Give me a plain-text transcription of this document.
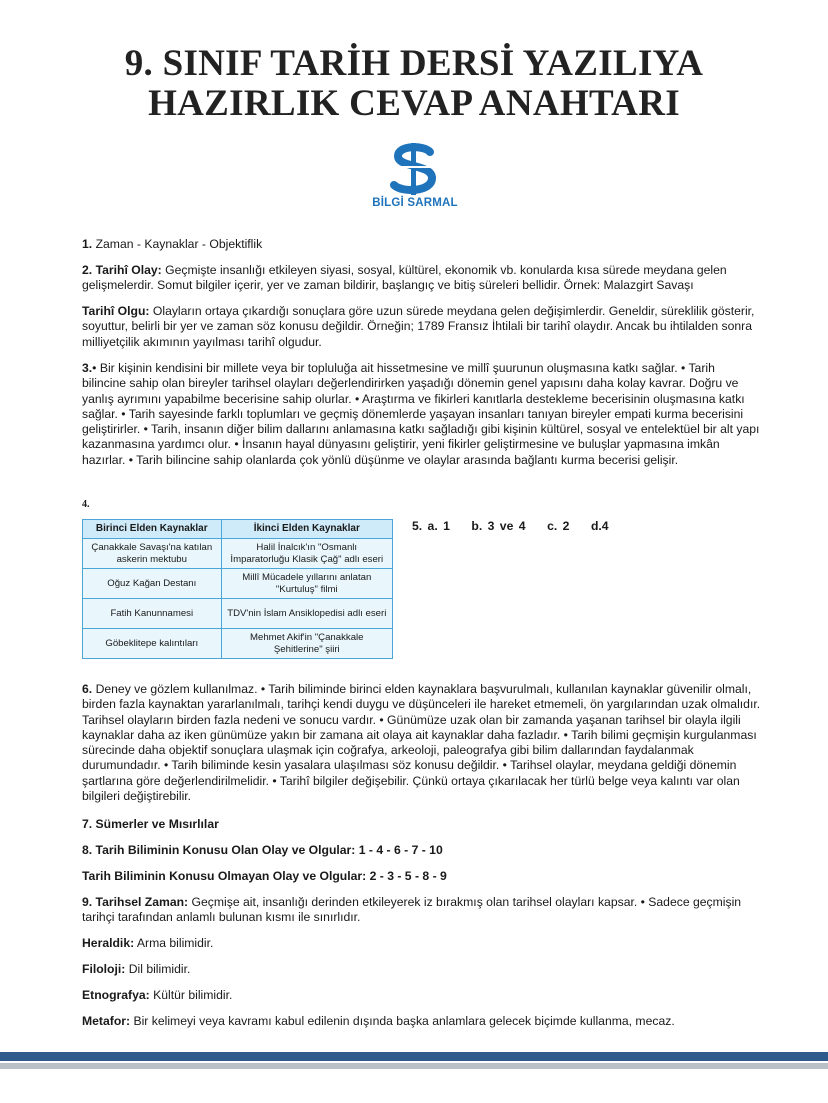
9. SINIF TARİH DERSİ YAZILIYA
HAZIRLIK CEVAP ANAHTARI
BİLGİ SARMAL

1. Zaman - Kaynaklar - Objektiflik

2. Tarihî Olay: Geçmişte insanlığı etkileyen siyasi, sosyal, kültürel, ekonomik vb. konularda kısa sürede meydana gelen gelişmelerdir. Somut bilgiler içerir, yer ve zaman bildirir, başlangıç ve bitiş süreleri bellidir. Örnek: Malazgirt Savaşı

Tarihî Olgu: Olayların ortaya çıkardığı sonuçlara göre uzun sürede meydana gelen değişimlerdir. Geneldir, süreklilik gösterir, soyuttur, belirli bir yer ve zaman söz konusu değildir. Örneğin; 1789 Fransız İhtilali bir tarihî olaydır. Ancak bu ihtilalden sonra milliyetçilik akımının yayılması tarihî olgudur.

3.• Bir kişinin kendisini bir millete veya bir topluluğa ait hissetmesine ve millî şuurunun oluşmasına katkı sağlar. • Tarih bilincine sahip olan bireyler tarihsel olayları değerlendirirken yaşadığı dönemin genel yapısını daha kolay kavrar. Doğru ve yanlış ayrımını yapabilme becerisine sahip olurlar. • Araştırma ve fikirleri kanıtlarla destekleme becerisinin oluşmasına katkı sağlar. • Tarih sayesinde farklı toplumları ve geçmiş dönemlerde yaşayan insanları tanıyan bireyler empati kurma becerisini geliştirirler. • Tarih, insanın diğer bilim dallarını anlamasına katkı sağladığı gibi kişinin kültürel, sosyal ve entelektüel bir alt yapı kazanmasına yardımcı olur. • İnsanın hayal dünyasını geliştirir, yeni fikirler geliştirmesine ve buluşlar yapmasına imkân hazırlar. • Tarih bilincine sahip olanlarda çok yönlü düşünme ve olaylar arasında bağlantı kurma becerisi gelişir.

4.

Birinci Elden Kaynaklar	İkinci Elden Kaynaklar
Çanakkale Savaşı'na katılan askerin mektubu	Halil İnalcık'ın "Osmanlı İmparatorluğu Klasik Çağ" adlı eseri
Oğuz Kağan Destanı	Millî Mücadele yıllarını anlatan "Kurtuluş" filmi
Fatih Kanunnamesi	TDV'nin İslam Ansiklopedisi adlı eseri
Göbeklitepe kalıntıları	Mehmet Akif'in "Çanakkale Şehitlerine" şiiri

5. a. 1    b. 3 ve 4    c. 2    d.4

6. Deney ve gözlem kullanılmaz. • Tarih biliminde birinci elden kaynaklara başvurulmalı, kullanılan kaynaklar güvenilir olmalı, birden fazla kaynaktan yararlanılmalı, tarihçi kendi duygu ve düşünceleri ile hareket etmemeli, ön yargılarından uzak olmalıdır. Tarihsel olayların birden fazla nedeni ve sonucu vardır. • Günümüze uzak olan bir zamanda yaşanan tarihsel bir olayla ilgili kaynaklar daha az iken günümüze yakın bir zamana ait olaya ait kaynaklar daha fazladır. • Tarih bilimi geçmişin kurgulanması sürecinde daha objektif sonuçlara ulaşmak için coğrafya, arkeoloji, paleografya gibi bilim dallarından faydalanmak durumundadır. • Tarih biliminde kesin yasalara ulaşılması söz konusu değildir. • Tarihsel olaylar, meydana geldiği dönemin şartlarına göre değerlendirilmelidir. • Tarihî bilgiler değişebilir. Çünkü ortaya çıkarılacak her türlü belge veya kalıntı var olan bilgileri değiştirebilir.

7. Sümerler ve Mısırlılar

8. Tarih Biliminin Konusu Olan Olay ve Olgular: 1 - 4 - 6 - 7 - 10

Tarih Biliminin Konusu Olmayan Olay ve Olgular: 2 - 3 - 5 - 8 - 9

9. Tarihsel Zaman: Geçmişe ait, insanlığı derinden etkileyerek iz bırakmış olan tarihsel olayları kapsar. • Sadece geçmişin tarihçi tarafından anlamlı bulunan kısmı ile sınırlıdır.

Heraldik: Arma bilimidir.

Filoloji: Dil bilimidir.

Etnografya: Kültür bilimidir.

Metafor: Bir kelimeyi veya kavramı kabul edilenin dışında başka anlamlara gelecek biçimde kullanma, mecaz.
